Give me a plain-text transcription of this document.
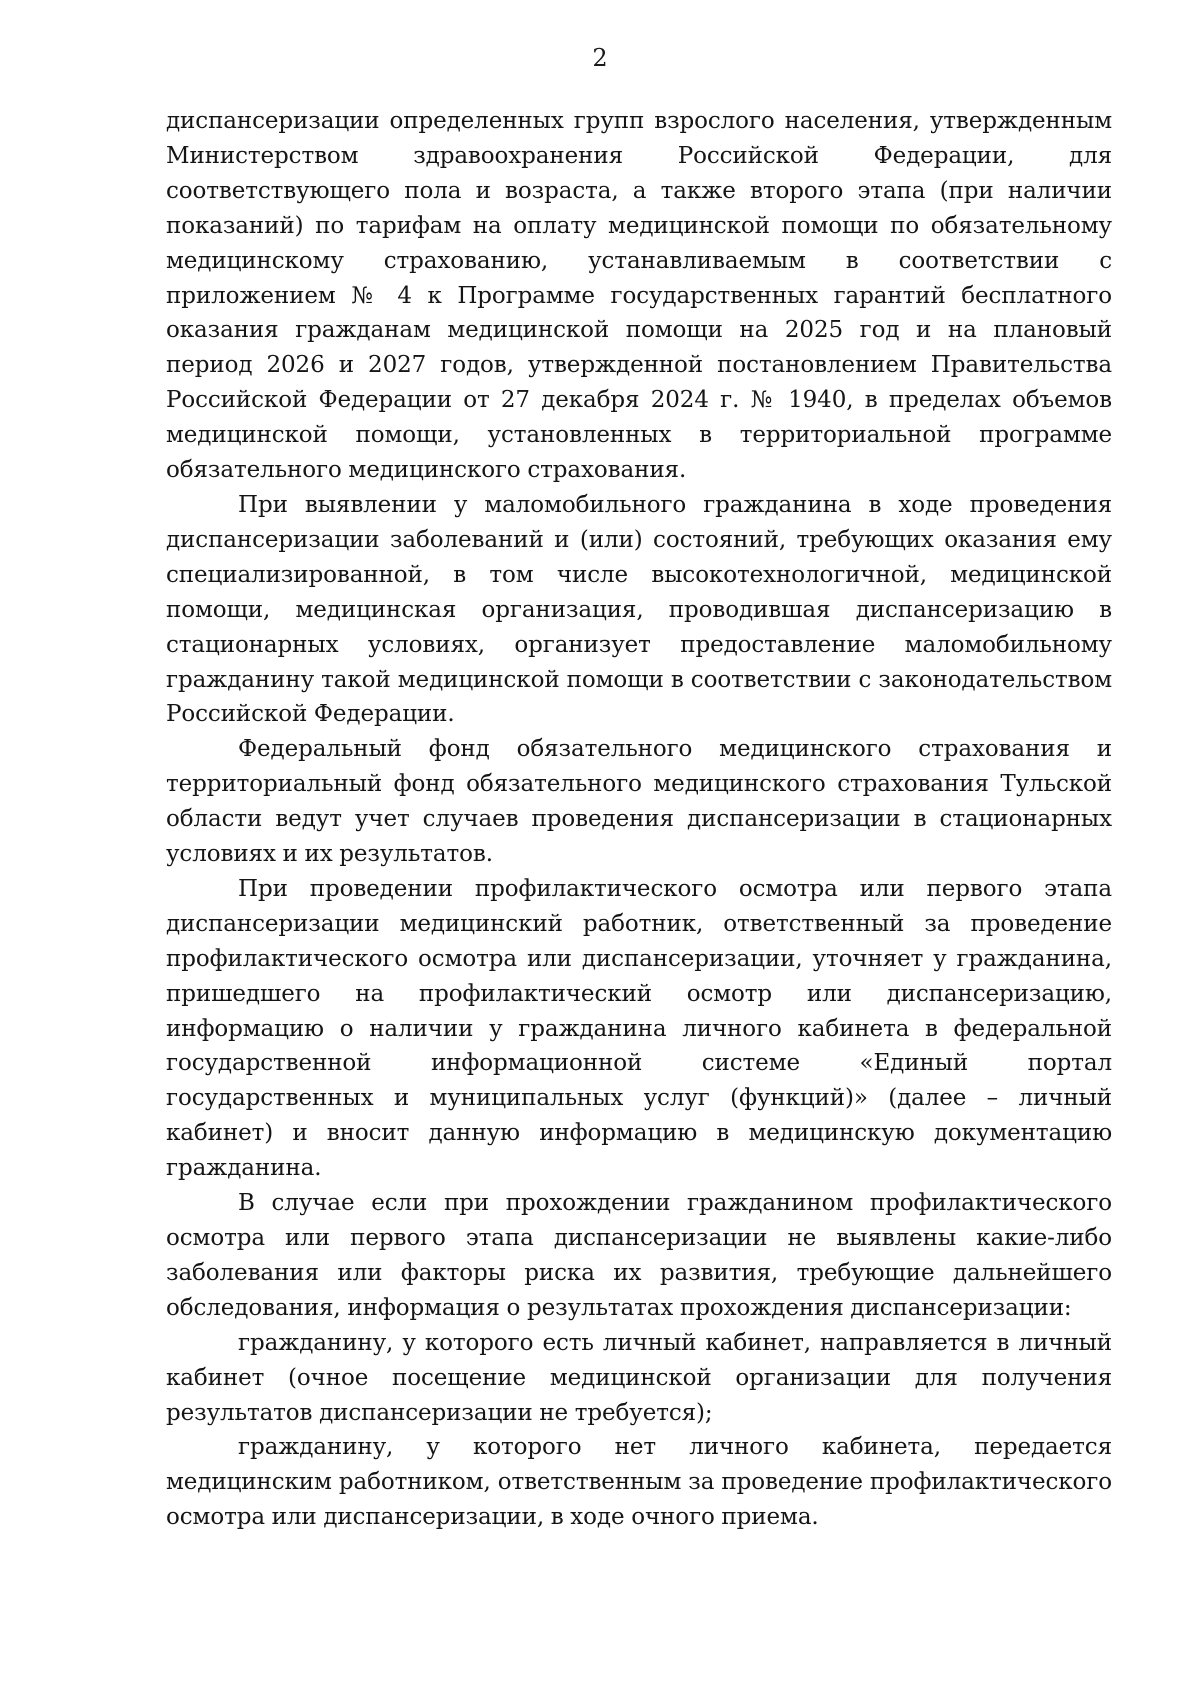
2

диспансеризации определенных групп взрослого населения, утвержденным Министерством здравоохранения Российской Федерации, для соответствующего пола и возраста, а также второго этапа (при наличии показаний) по тарифам на оплату медицинской помощи по обязательному медицинскому страхованию, устанавливаемым в соответствии с приложением № 4 к Программе государственных гарантий бесплатного оказания гражданам медицинской помощи на 2025 год и на плановый период 2026 и 2027 годов, утвержденной постановлением Правительства Российской Федерации от 27 декабря 2024 г. № 1940, в пределах объемов медицинской помощи, установленных в территориальной программе обязательного медицинского страхования.

При выявлении у маломобильного гражданина в ходе проведения диспансеризации заболеваний и (или) состояний, требующих оказания ему специализированной, в том числе высокотехнологичной, медицинской помощи, медицинская организация, проводившая диспансеризацию в стационарных условиях, организует предоставление маломобильному гражданину такой медицинской помощи в соответствии с законодательством Российской Федерации.

Федеральный фонд обязательного медицинского страхования и территориальный фонд обязательного медицинского страхования Тульской области ведут учет случаев проведения диспансеризации в стационарных условиях и их результатов.

При проведении профилактического осмотра или первого этапа диспансеризации медицинский работник, ответственный за проведение профилактического осмотра или диспансеризации, уточняет у гражданина, пришедшего на профилактический осмотр или диспансеризацию, информацию о наличии у гражданина личного кабинета в федеральной государственной информационной системе «Единый портал государственных и муниципальных услуг (функций)» (далее – личный кабинет) и вносит данную информацию в медицинскую документацию гражданина.

В случае если при прохождении гражданином профилактического осмотра или первого этапа диспансеризации не выявлены какие-либо заболевания или факторы риска их развития, требующие дальнейшего обследования, информация о результатах прохождения диспансеризации:

гражданину, у которого есть личный кабинет, направляется в личный кабинет (очное посещение медицинской организации для получения результатов диспансеризации не требуется);

гражданину, у которого нет личного кабинета, передается медицинским работником, ответственным за проведение профилактического осмотра или диспансеризации, в ходе очного приема.
